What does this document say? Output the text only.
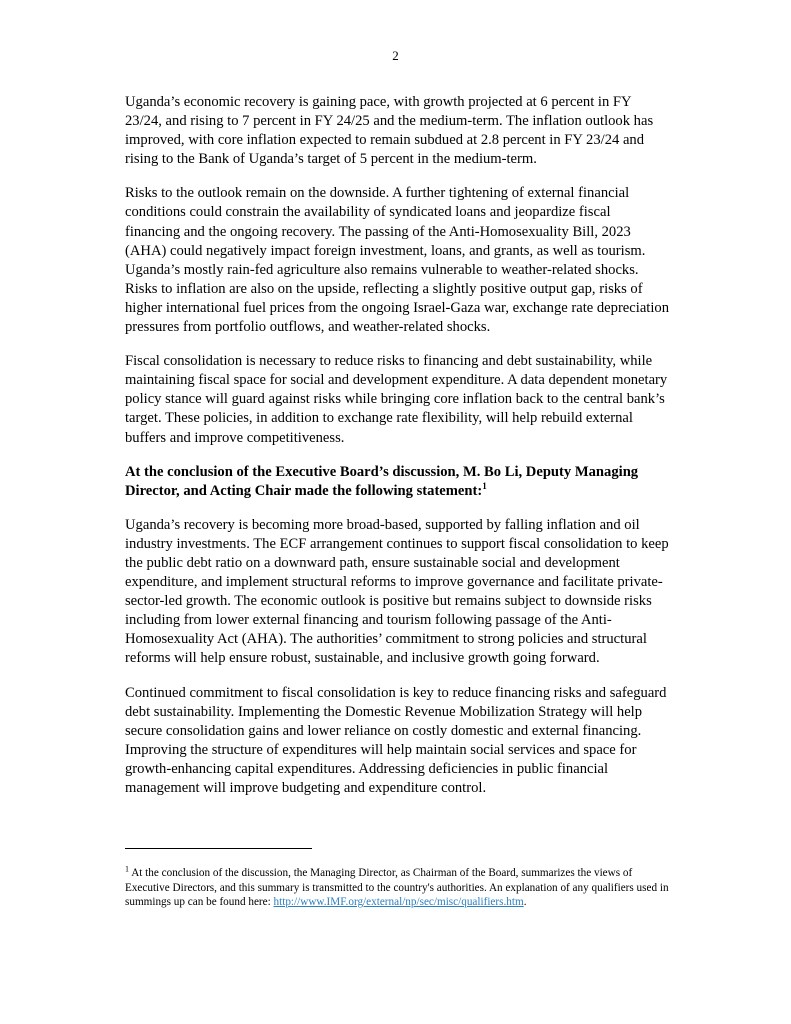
2

Uganda’s economic recovery is gaining pace, with growth projected at 6 percent in FY 23/24, and rising to 7 percent in FY 24/25 and the medium-term. The inflation outlook has improved, with core inflation expected to remain subdued at 2.8 percent in FY 23/24 and rising to the Bank of Uganda’s target of 5 percent in the medium-term.

Risks to the outlook remain on the downside. A further tightening of external financial conditions could constrain the availability of syndicated loans and jeopardize fiscal financing and the ongoing recovery. The passing of the Anti-Homosexuality Bill, 2023 (AHA) could negatively impact foreign investment, loans, and grants, as well as tourism. Uganda’s mostly rain-fed agriculture also remains vulnerable to weather-related shocks. Risks to inflation are also on the upside, reflecting a slightly positive output gap, risks of higher international fuel prices from the ongoing Israel-Gaza war, exchange rate depreciation pressures from portfolio outflows, and weather-related shocks.

Fiscal consolidation is necessary to reduce risks to financing and debt sustainability, while maintaining fiscal space for social and development expenditure. A data dependent monetary policy stance will guard against risks while bringing core inflation back to the central bank’s target. These policies, in addition to exchange rate flexibility, will help rebuild external buffers and improve competitiveness.

At the conclusion of the Executive Board’s discussion, M. Bo Li, Deputy Managing Director, and Acting Chair made the following statement:$^1$

Uganda’s recovery is becoming more broad-based, supported by falling inflation and oil industry investments. The ECF arrangement continues to support fiscal consolidation to keep the public debt ratio on a downward path, ensure sustainable social and development expenditure, and implement structural reforms to improve governance and facilitate private-sector-led growth. The economic outlook is positive but remains subject to downside risks including from lower external financing and tourism following passage of the Anti-Homosexuality Act (AHA). The authorities’ commitment to strong policies and structural reforms will help ensure robust, sustainable, and inclusive growth going forward.

Continued commitment to fiscal consolidation is key to reduce financing risks and safeguard debt sustainability. Implementing the Domestic Revenue Mobilization Strategy will help secure consolidation gains and lower reliance on costly domestic and external financing. Improving the structure of expenditures will help maintain social services and space for growth-enhancing capital expenditures. Addressing deficiencies in public financial management will improve budgeting and expenditure control.

$^1$ At the conclusion of the discussion, the Managing Director, as Chairman of the Board, summarizes the views of Executive Directors, and this summary is transmitted to the country's authorities. An explanation of any qualifiers used in summings up can be found here: http://www.IMF.org/external/np/sec/misc/qualifiers.htm.
